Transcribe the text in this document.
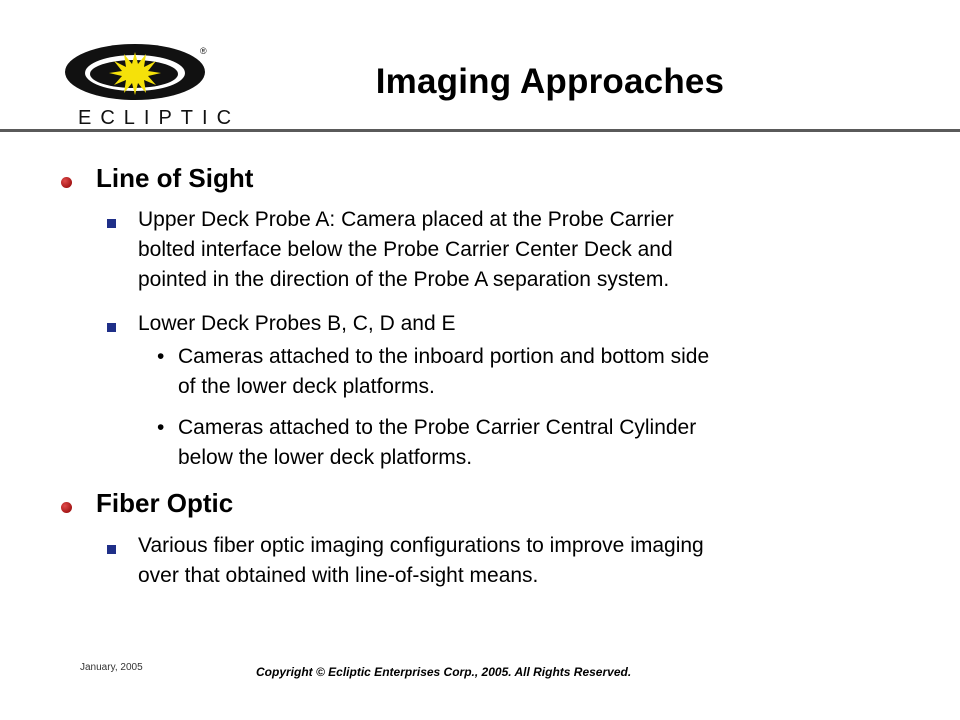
®
ECLIPTIC
Imaging Approaches
Line of Sight
Upper Deck Probe A: Camera placed at the Probe Carrier
bolted interface below the Probe Carrier Center Deck and
pointed in the direction of the Probe A separation system.
Lower Deck Probes B, C, D and E
• Cameras attached to the inboard portion and bottom side
of the lower deck platforms.
• Cameras attached to the Probe Carrier Central Cylinder
below the lower deck platforms.
Fiber Optic
Various fiber optic imaging configurations to improve imaging
over that obtained with line-of-sight means.
January, 2005	Copyright © Ecliptic Enterprises Corp., 2005. All Rights Reserved.
